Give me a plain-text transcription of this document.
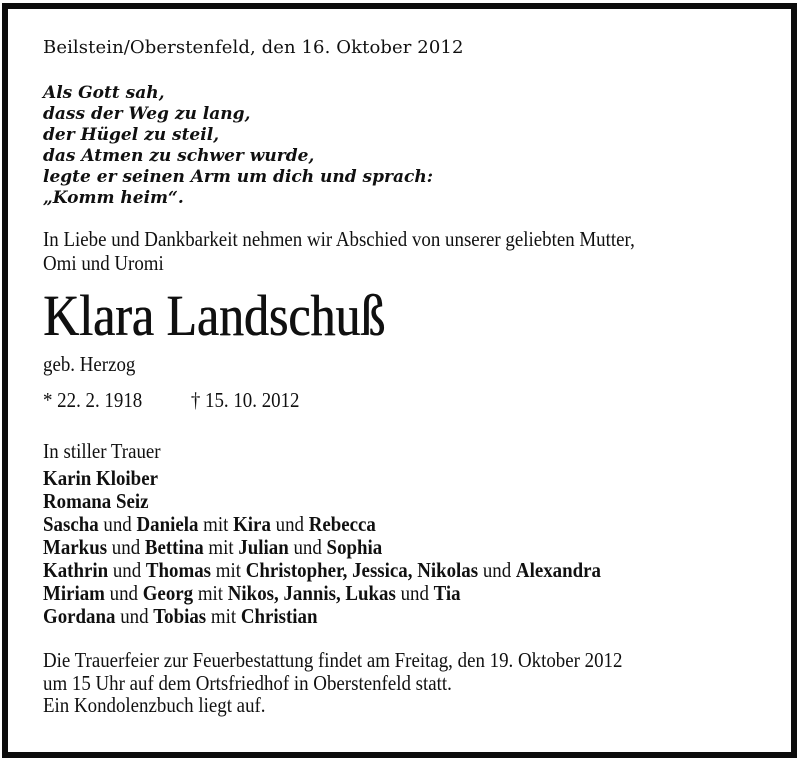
Beilstein/Oberstenfeld, den 16. Oktober 2012
Als Gott sah,
dass der Weg zu lang,
der Hügel zu steil,
das Atmen zu schwer wurde,
legte er seinen Arm um dich und sprach:
„Komm heim“.
In Liebe und Dankbarkeit nehmen wir Abschied von unserer geliebten Mutter,
Omi und Uromi
Klara Landschuß
geb. Herzog
* 22. 2. 1918 † 15. 10. 2012
In stiller Trauer
Karin Kloiber
Romana Seiz
Sascha und Daniela mit Kira und Rebecca
Markus und Bettina mit Julian und Sophia
Kathrin und Thomas mit Christopher, Jessica, Nikolas und Alexandra
Miriam und Georg mit Nikos, Jannis, Lukas und Tia
Gordana und Tobias mit Christian
Die Trauerfeier zur Feuerbestattung findet am Freitag, den 19. Oktober 2012
um 15 Uhr auf dem Ortsfriedhof in Oberstenfeld statt.
Ein Kondolenzbuch liegt auf.
